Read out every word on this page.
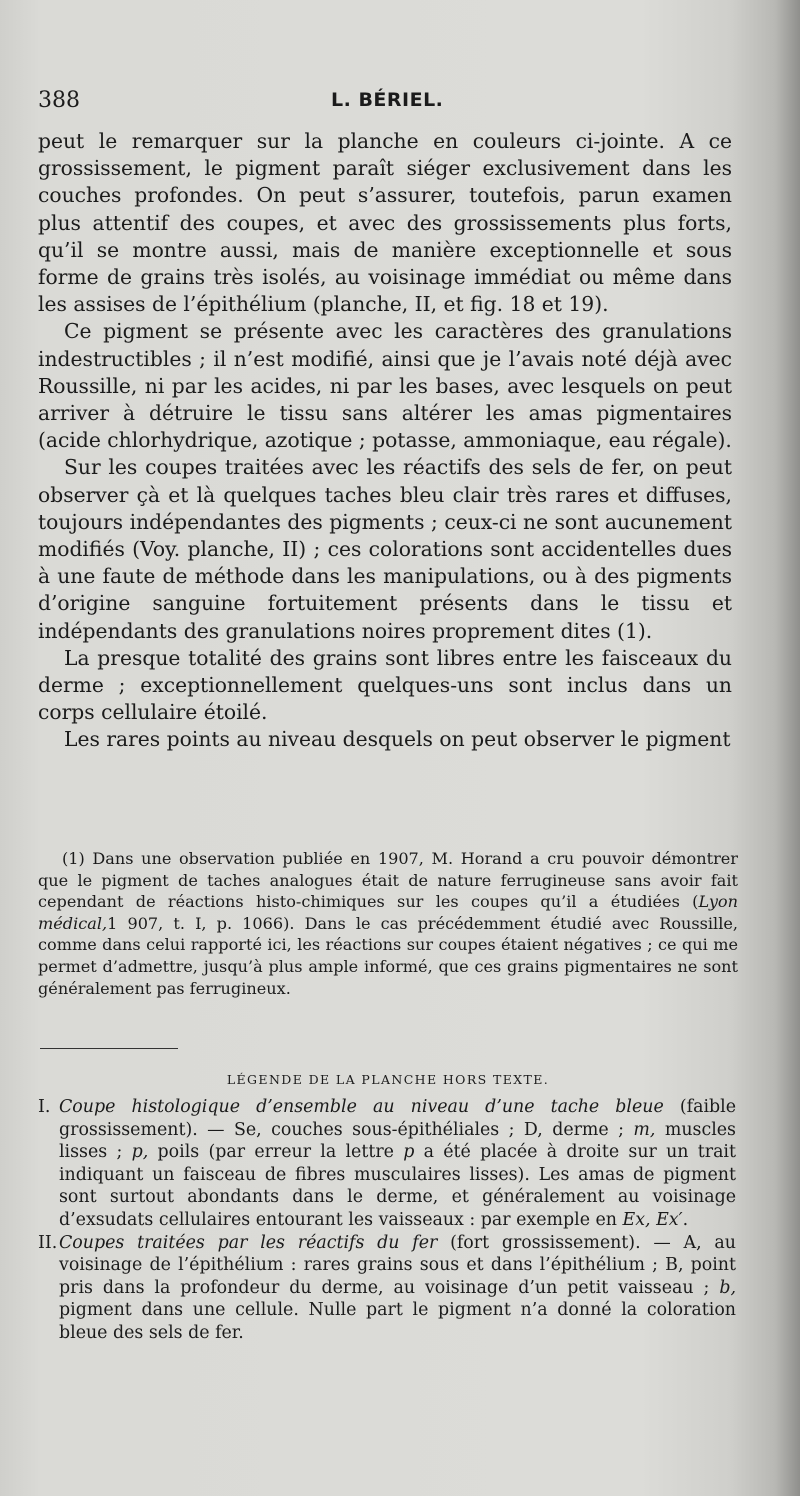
388	L. BÉRIEL.

peut le remarquer sur la planche en couleurs ci-jointe. A ce grossissement, le pigment paraît siéger exclusivement dans les couches profondes. On peut s’assurer, toutefois, parun examen plus attentif des coupes, et avec des grossissements plus forts, qu’il se montre aussi, mais de manière exceptionnelle et sous forme de grains très isolés, au voisinage immédiat ou même dans les assises de l’épithélium (planche, II, et fig. 18 et 19).

Ce pigment se présente avec les caractères des granulations indestructibles ; il n’est modifié, ainsi que je l’avais noté déjà avec Roussille, ni par les acides, ni par les bases, avec lesquels on peut arriver à détruire le tissu sans altérer les amas pigmentaires (acide chlorhydrique, azotique ; potasse, ammoniaque, eau régale).

Sur les coupes traitées avec les réactifs des sels de fer, on peut observer çà et là quelques taches bleu clair très rares et diffuses, toujours indépendantes des pigments ; ceux-ci ne sont aucunement modifiés (Voy. planche, II) ; ces colorations sont accidentelles dues à une faute de méthode dans les manipulations, ou à des pigments d’origine sanguine fortuitement présents dans le tissu et indépendants des granulations noires proprement dites (1).

La presque totalité des grains sont libres entre les faisceaux du derme ; exceptionnellement quelques-uns sont inclus dans un corps cellulaire étoilé.

Les rares points au niveau desquels on peut observer le pigment

(1) Dans une observation publiée en 1907, M. Horand a cru pouvoir démontrer que le pigment de taches analogues était de nature ferrugineuse sans avoir fait cependant de réactions histo-chimiques sur les coupes qu’il a étudiées (Lyon médical,1 907, t. I, p. 1066). Dans le cas précédemment étudié avec Roussille, comme dans celui rapporté ici, les réactions sur coupes étaient négatives ; ce qui me permet d’admettre, jusqu’à plus ample informé, que ces grains pigmentaires ne sont généralement pas ferrugineux.
LÉGENDE DE LA PLANCHE HORS TEXTE.

I. Coupe histologique d’ensemble au niveau d’une tache bleue (faible grossissement). — Se, couches sous-épithéliales ; D, derme ; m, muscles lisses ; p, poils (par erreur la lettre p a été placée à droite sur un trait indiquant un faisceau de fibres musculaires lisses). Les amas de pigment sont surtout abondants dans le derme, et généralement au voisinage d’exsudats cellulaires entourant les vaisseaux : par exemple en Ex, Ex′.

II. Coupes traitées par les réactifs du fer (fort grossissement). — A, au voisinage de l’épithélium : rares grains sous et dans l’épithélium ; B, point pris dans la profondeur du derme, au voisinage d’un petit vaisseau ; b, pigment dans une cellule. Nulle part le pigment n’a donné la coloration bleue des sels de fer.
